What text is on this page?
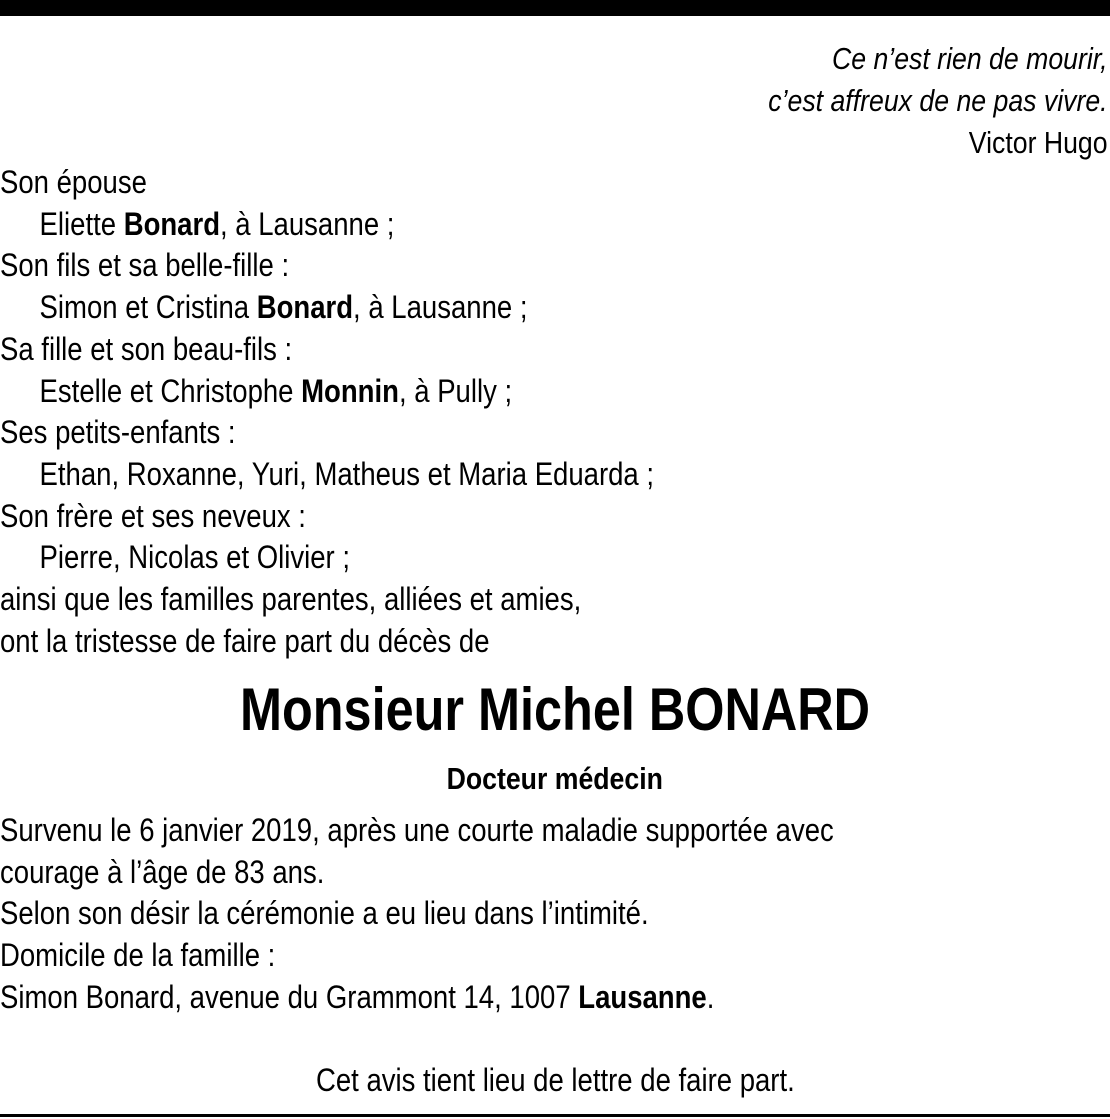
Ce n’est rien de mourir,
c’est affreux de ne pas vivre.
Victor Hugo
Son épouse
Eliette Bonard, à Lausanne ;
Son fils et sa belle-fille :
Simon et Cristina Bonard, à Lausanne ;
Sa fille et son beau-fils :
Estelle et Christophe Monnin, à Pully ;
Ses petits-enfants :
Ethan, Roxanne, Yuri, Matheus et Maria Eduarda ;
Son frère et ses neveux :
Pierre, Nicolas et Olivier ;
ainsi que les familles parentes, alliées et amies,
ont la tristesse de faire part du décès de
Monsieur Michel BONARD
Docteur médecin
Survenu le 6 janvier 2019, après une courte maladie supportée avec
courage à l’âge de 83 ans.
Selon son désir la cérémonie a eu lieu dans l’intimité.
Domicile de la famille :
Simon Bonard, avenue du Grammont 14, 1007 Lausanne.
Cet avis tient lieu de lettre de faire part.
